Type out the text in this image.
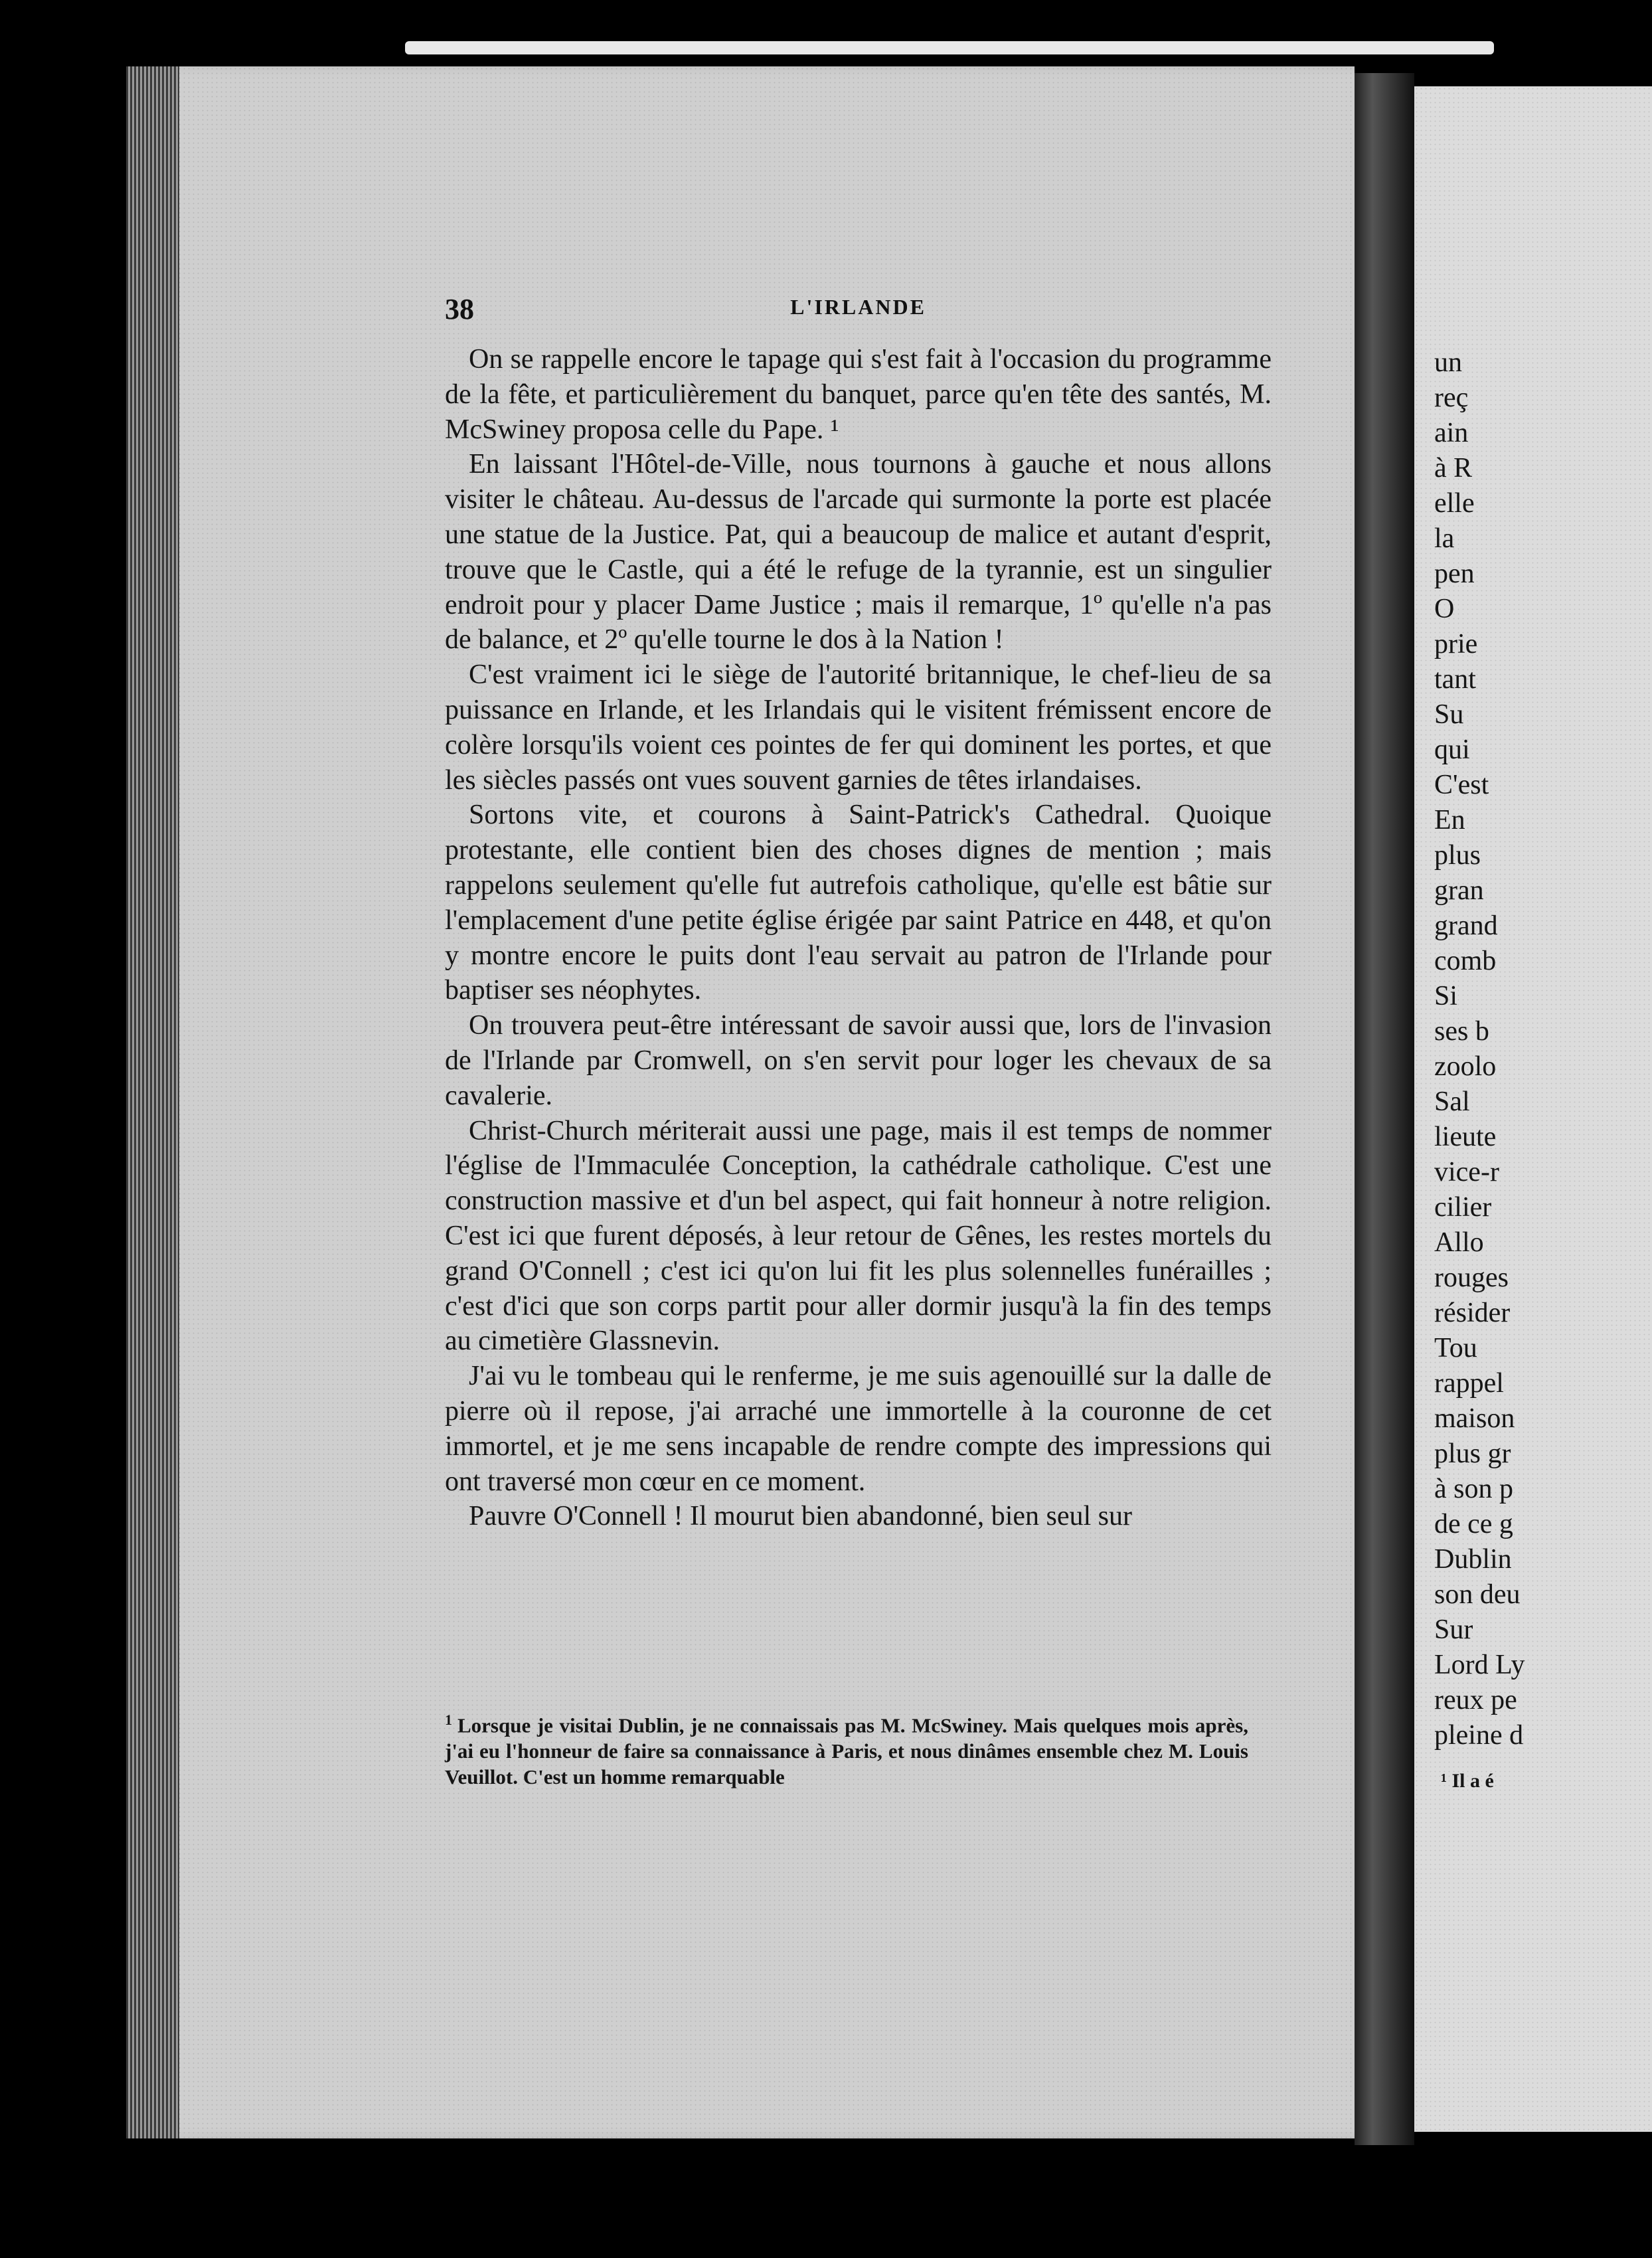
38	L'IRLANDE

On se rappelle encore le tapage qui s'est fait à l'occasion du programme de la fête, et particulièrement du banquet, parce qu'en tête des santés, M. McSwiney proposa celle du Pape. ¹

En laissant l'Hôtel-de-Ville, nous tournons à gauche et nous allons visiter le château. Au-dessus de l'arcade qui surmonte la porte est placée une statue de la Justice. Pat, qui a beaucoup de malice et autant d'esprit, trouve que le Castle, qui a été le refuge de la tyrannie, est un singulier endroit pour y placer Dame Justice ; mais il remarque, 1º qu'elle n'a pas de balance, et 2º qu'elle tourne le dos à la Nation !

C'est vraiment ici le siège de l'autorité britannique, le chef-lieu de sa puissance en Irlande, et les Irlandais qui le visitent frémissent encore de colère lorsqu'ils voient ces pointes de fer qui dominent les portes, et que les siècles passés ont vues souvent garnies de têtes irlandaises.

Sortons vite, et courons à Saint-Patrick's Cathedral. Quoique protestante, elle contient bien des choses dignes de mention ; mais rappelons seulement qu'elle fut autrefois catholique, qu'elle est bâtie sur l'emplacement d'une petite église érigée par saint Patrice en 448, et qu'on y montre encore le puits dont l'eau servait au patron de l'Irlande pour baptiser ses néophytes.

On trouvera peut-être intéressant de savoir aussi que, lors de l'invasion de l'Irlande par Cromwell, on s'en servit pour loger les chevaux de sa cavalerie.

Christ-Church mériterait aussi une page, mais il est temps de nommer l'église de l'Immaculée Conception, la cathédrale catholique. C'est une construction massive et d'un bel aspect, qui fait honneur à notre religion. C'est ici que furent déposés, à leur retour de Gênes, les restes mortels du grand O'Connell ; c'est ici qu'on lui fit les plus solennelles funérailles ; c'est d'ici que son corps partit pour aller dormir jusqu'à la fin des temps au cimetière Glassnevin.

J'ai vu le tombeau qui le renferme, je me suis agenouillé sur la dalle de pierre où il repose, j'ai arraché une immortelle à la couronne de cet immortel, et je me sens incapable de rendre compte des impressions qui ont traversé mon cœur en ce moment.

Pauvre O'Connell ! Il mourut bien abandonné, bien seul sur

$^1$ Lorsque je visitai Dublin, je ne connaissais pas M. McSwiney. Mais quelques mois après, j'ai eu l'honneur de faire sa connaissance à Paris, et nous dinâmes ensemble chez M. Louis Veuillot. C'est un homme remarquable
un
reç
ain
à R
elle
la
pen
O
prie
tant
Su
qui
C'est
En
plus
gran
grand
comb
Si
ses b
zoolo
Sal
lieute
vice-r
cilier
Allo
rouges
résider
Tou
rappel
maison
plus gr
à son p
de ce g
Dublin
son deu
Sur
Lord Ly
reux pe
pleine d
¹ Il a é
